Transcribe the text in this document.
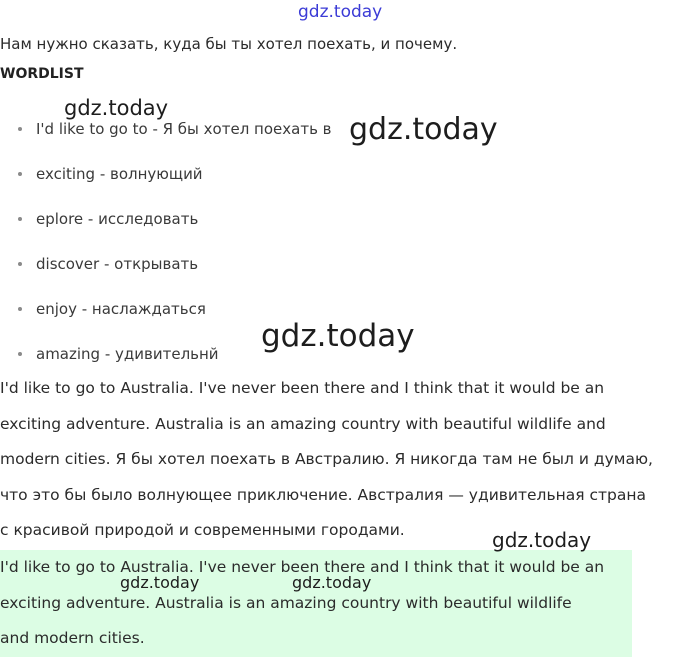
gdz.today
Нам нужно сказать, куда бы ты хотел поехать, и почему.
WORDLIST
I'd like to go to - Я бы хотел поехать в
exciting - волнующий
eplore - исследовать
discover - открывать
enjoy - наслаждаться
amazing - удивительнй
I'd like to go to Australia. I've never been there and I think that it would be an
exciting adventure. Australia is an amazing country with beautiful wildlife and
modern cities. Я бы хотел поехать в Австралию. Я никогда там не был и думаю,
что это бы было волнующее приключение. Австралия — удивительная страна
с красивой природой и современными городами.
I'd like to go to Australia. I've never been there and I think that it would be an
exciting adventure. Australia is an amazing country with beautiful wildlife
and modern cities.
gdz.today
gdz.today
gdz.today
gdz.today
gdz.today	gdz.today
